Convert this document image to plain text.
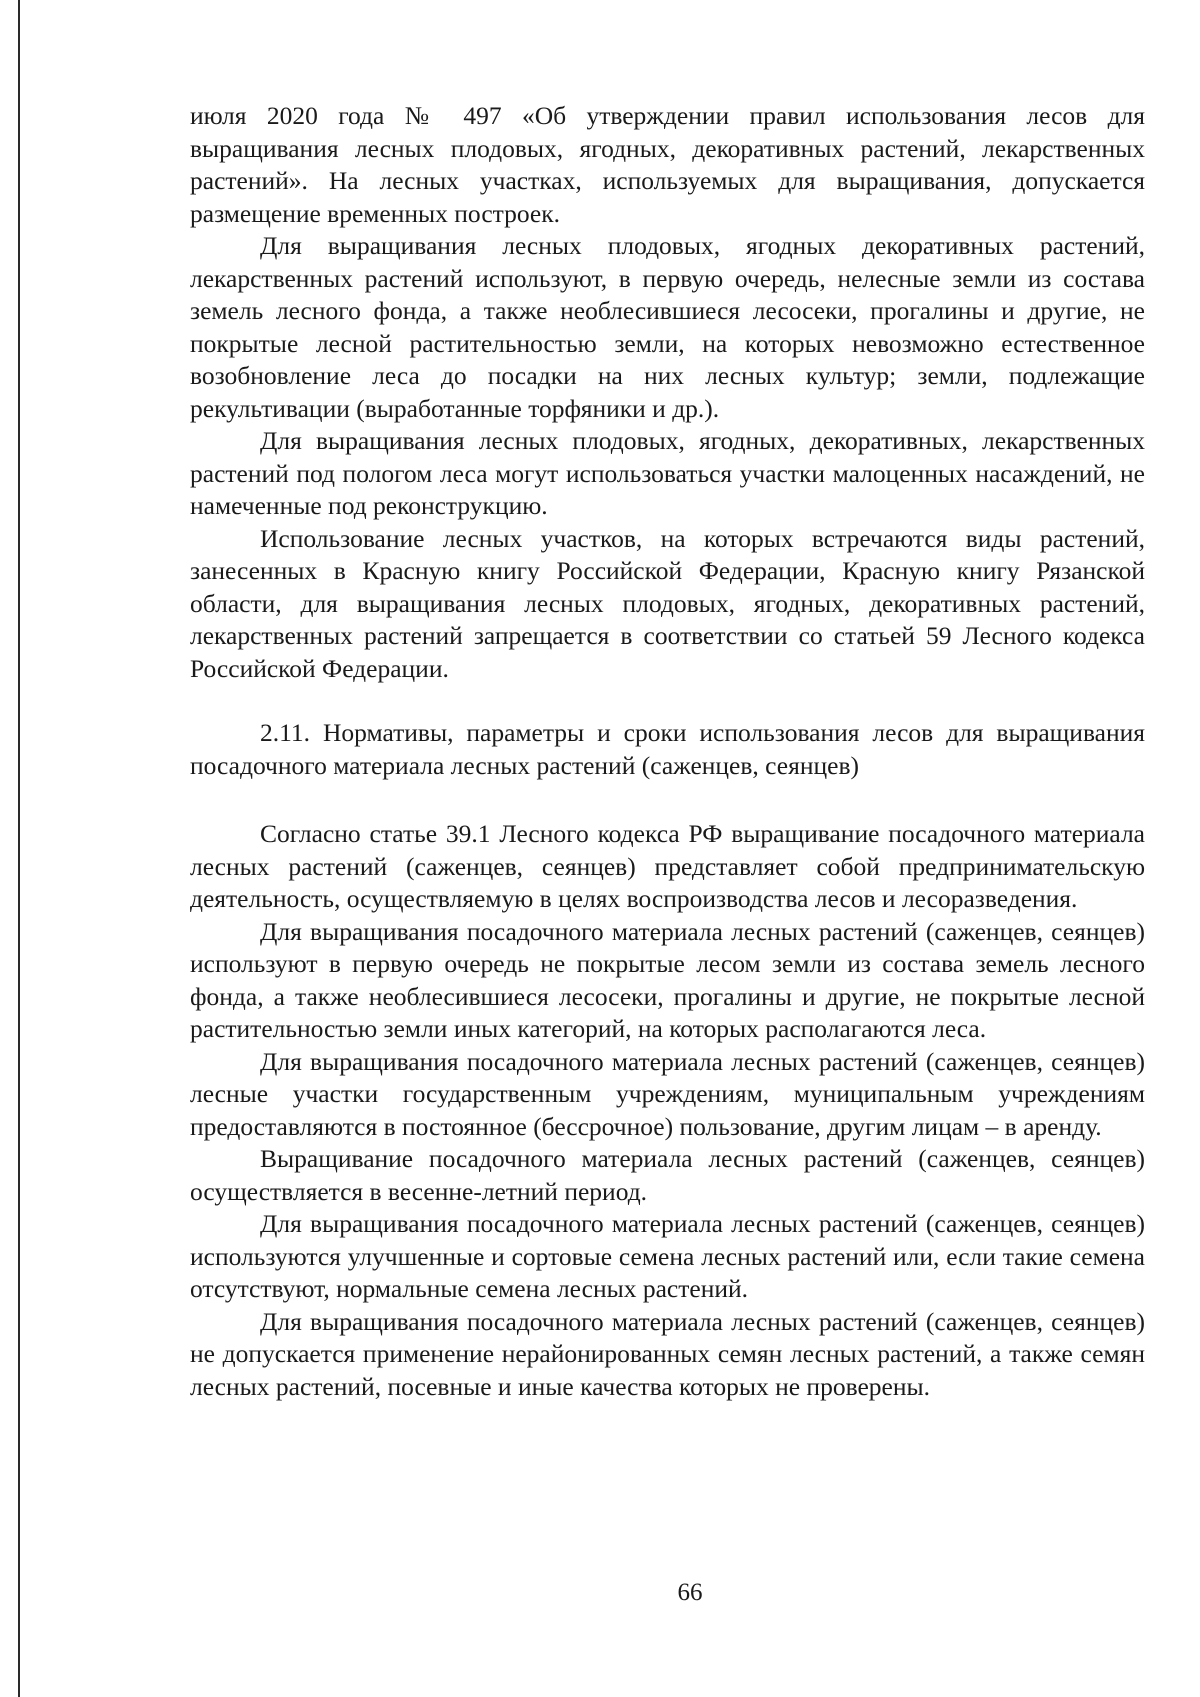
июля 2020 года № 497 «Об утверждении правил использования лесов для выращивания лесных плодовых, ягодных, декоративных растений, лекарственных растений». На лесных участках, используемых для выращивания, допускается размещение временных построек.

Для выращивания лесных плодовых, ягодных декоративных растений, лекарственных растений используют, в первую очередь, нелесные земли из состава земель лесного фонда, а также необлесившиеся лесосеки, прогалины и другие, не покрытые лесной растительностью земли, на которых невозможно естественное возобновление леса до посадки на них лесных культур; земли, подлежащие рекультивации (выработанные торфяники и др.).

Для выращивания лесных плодовых, ягодных, декоративных, лекарственных растений под пологом леса могут использоваться участки малоценных насаждений, не намеченные под реконструкцию.

Использование лесных участков, на которых встречаются виды растений, занесенных в Красную книгу Российской Федерации, Красную книгу Рязанской области, для выращивания лесных плодовых, ягодных, декоративных растений, лекарственных растений запрещается в соответствии со статьей 59 Лесного кодекса Российской Федерации.

2.11. Нормативы, параметры и сроки использования лесов для выращивания посадочного материала лесных растений (саженцев, сеянцев)

Согласно статье 39.1 Лесного кодекса РФ выращивание посадочного материала лесных растений (саженцев, сеянцев) представляет собой предпринимательскую деятельность, осуществляемую в целях воспроизводства лесов и лесоразведения.

Для выращивания посадочного материала лесных растений (саженцев, сеянцев) используют в первую очередь не покрытые лесом земли из состава земель лесного фонда, а также необлесившиеся лесосеки, прогалины и другие, не покрытые лесной растительностью земли иных категорий, на которых располагаются леса.

Для выращивания посадочного материала лесных растений (саженцев, сеянцев) лесные участки государственным учреждениям, муниципальным учреждениям предоставляются в постоянное (бессрочное) пользование, другим лицам – в аренду.

Выращивание посадочного материала лесных растений (саженцев, сеянцев) осуществляется в весенне-летний период.

Для выращивания посадочного материала лесных растений (саженцев, сеянцев) используются улучшенные и сортовые семена лесных растений или, если такие семена отсутствуют, нормальные семена лесных растений.

Для выращивания посадочного материала лесных растений (саженцев, сеянцев) не допускается применение нерайонированных семян лесных растений, а также семян лесных растений, посевные и иные качества которых не проверены.

66
